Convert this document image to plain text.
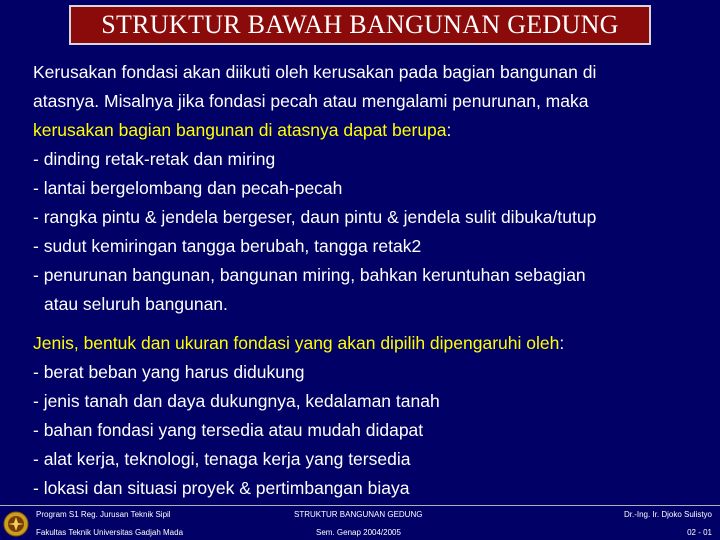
STRUKTUR BAWAH BANGUNAN GEDUNG
Kerusakan fondasi akan diikuti oleh kerusakan pada bagian bangunan di
atasnya. Misalnya jika fondasi pecah atau mengalami penurunan, maka
kerusakan bagian bangunan di atasnya dapat berupa:
- dinding retak-retak dan miring
- lantai bergelombang dan pecah-pecah
- rangka pintu & jendela bergeser, daun pintu & jendela sulit dibuka/tutup
- sudut kemiringan tangga berubah, tangga retak2
- penurunan bangunan, bangunan miring, bahkan keruntuhan sebagian
atau seluruh bangunan.
Jenis, bentuk dan ukuran fondasi yang akan dipilih dipengaruhi oleh:
- berat beban yang harus didukung
- jenis tanah dan daya dukungnya, kedalaman tanah
- bahan fondasi yang tersedia atau mudah didapat
- alat kerja, teknologi, tenaga kerja yang tersedia
- lokasi dan situasi proyek & pertimbangan biaya
Program S1 Reg. Jurusan Teknik Sipil
Fakultas Teknik Universitas Gadjah Mada
STRUKTUR BANGUNAN GEDUNG
Sem. Genap 2004/2005
Dr.-Ing. Ir. Djoko Sulistyo
02 - 01
